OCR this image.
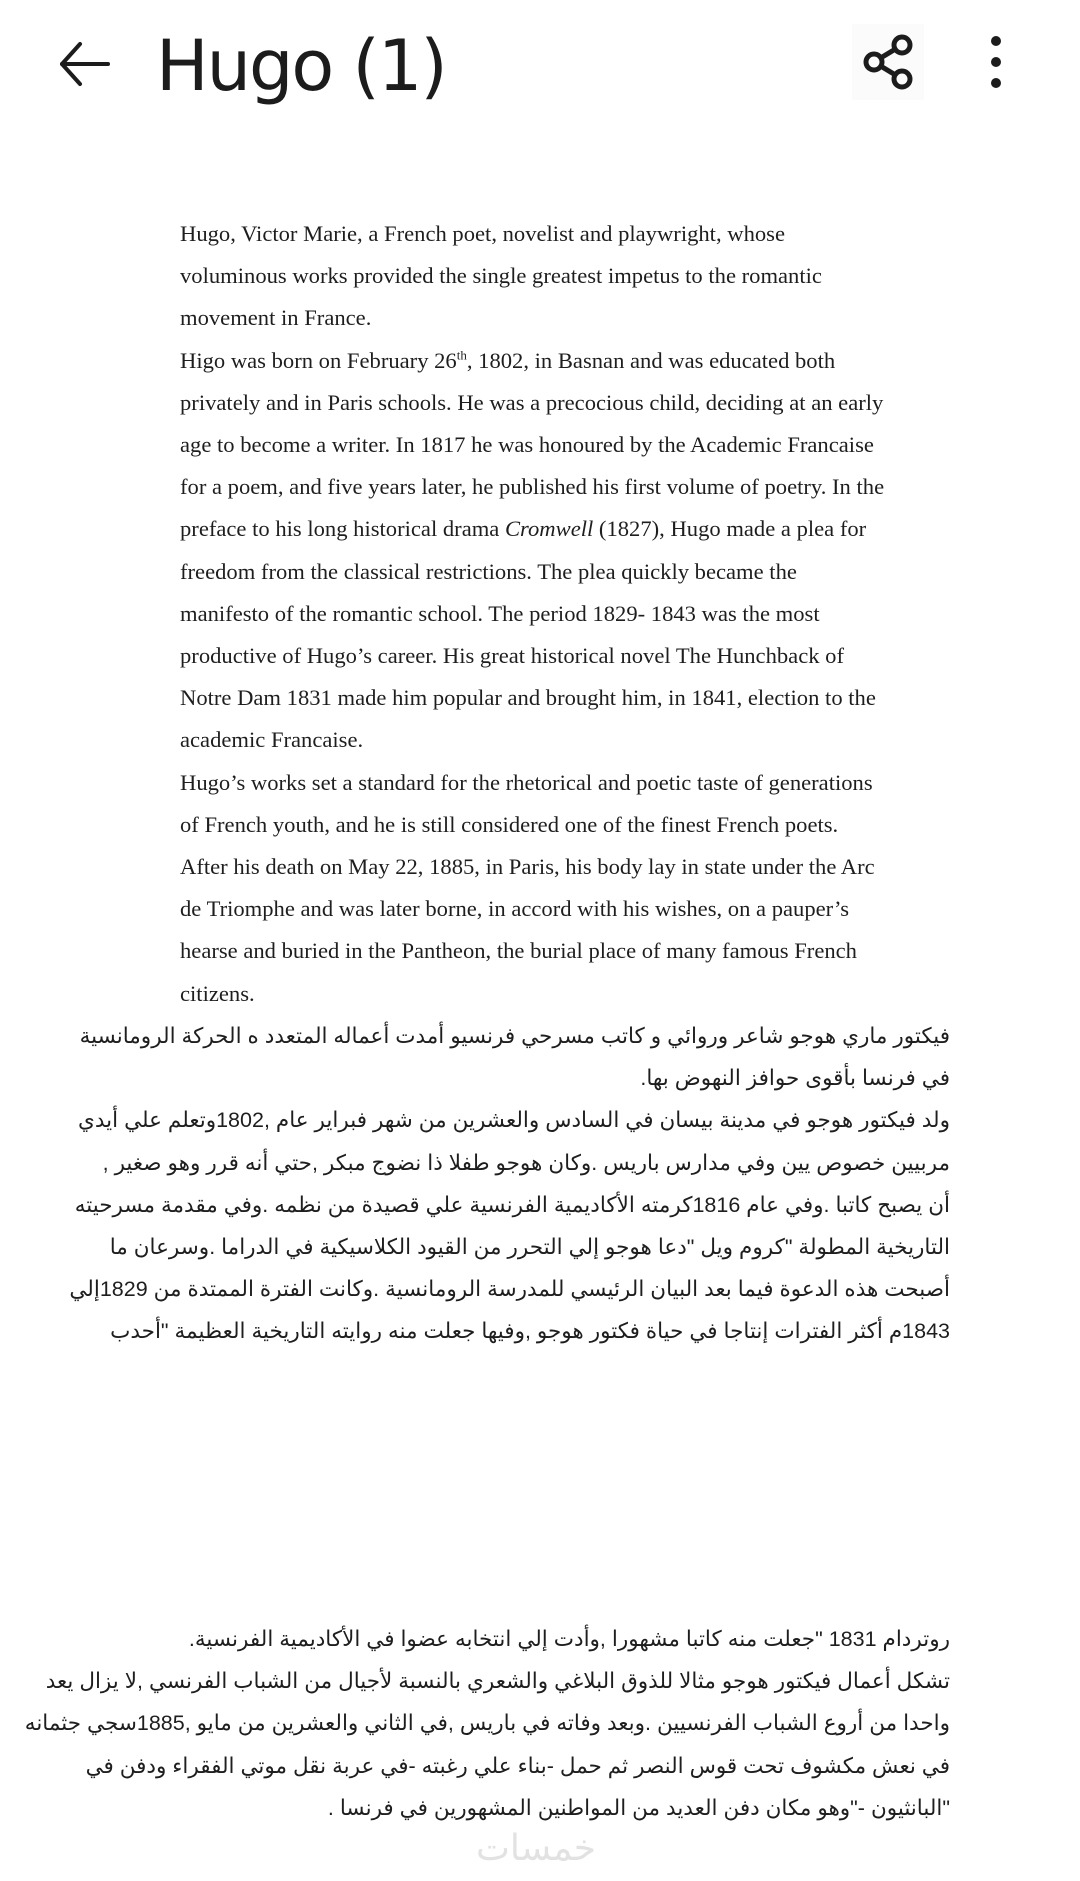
Hugo (1)

Hugo, Victor Marie, a French poet, novelist and playwright, whose

voluminous works provided the single greatest impetus to the romantic

movement in France.

Higo was born on February 26th, 1802, in Basnan and was educated both

privately and in Paris schools. He was a precocious child, deciding at an early

age to become a writer. In 1817 he was honoured by the Academic Francaise

for a poem, and five years later, he published his first volume of poetry. In the

preface to his long historical drama Cromwell (1827), Hugo made a plea for

freedom from the classical restrictions. The plea quickly became the

manifesto of the romantic school. The period 1829- 1843 was the most

productive of Hugo’s career. His great historical novel The Hunchback of

Notre Dam 1831 made him popular and brought him, in 1841, election to the

academic Francaise.

Hugo’s works set a standard for the rhetorical and poetic taste of generations

of French youth, and he is still considered one of the finest French poets.

After his death on May 22, 1885, in Paris, his body lay in state under the Arc

de Triomphe and was later borne, in accord with his wishes, on a pauper’s

hearse and buried in the Pantheon, the burial place of many famous French

citizens.

فيكتور ماري هوجو شاعر وروائي و كاتب مسرحي فرنسيو أمدت أعماله المتعدد ه الحركة الرومانسية

في فرنسا بأقوى حوافز النهوض بها.

ولد فيكتور هوجو في مدينة بيسان في السادس والعشرين من شهر فبراير عام ,1802وتعلم علي أيدي

مربيين خصوص يين وفي مدارس باريس .وكان هوجو طفلا ذا نضوج مبكر ,حتي أنه قرر وهو صغير ,

أن يصبح كاتبا .وفي عام 1816كرمته الأكاديمية الفرنسية علي قصيدة من نظمه .وفي مقدمة مسرحيته

التاريخية المطولة "كروم ويل "دعا هوجو إلي التحرر من القيود الكلاسيكية في الدراما .وسرعان ما

أصبحت هذه الدعوة فيما بعد البيان الرئيسي للمدرسة الرومانسية .وكانت الفترة الممتدة من 1829إلي

1843م أكثر الفترات إنتاجا في حياة فكتور هوجو ,وفيها جعلت منه روايته التاريخية العظيمة "أحدب

روتردام 1831 "جعلت منه كاتبا مشهورا ,وأدت إلي انتخابه عضوا في الأكاديمية الفرنسية.

تشكل أعمال فيكتور هوجو مثالا للذوق البلاغي والشعري بالنسبة لأجيال من الشباب الفرنسي ,لا يزال يعد

واحدا من أروع الشباب الفرنسيين .وبعد وفاته في باريس ,في الثاني والعشرين من مايو ,1885سجي جثمانه

في نعش مكشوف تحت قوس النصر ثم حمل -بناء علي رغبته -في عربة نقل موتي الفقراء ودفن في

"البانثيون -"وهو مكان دفن العديد من المواطنين المشهورين في فرنسا .

خمسات
